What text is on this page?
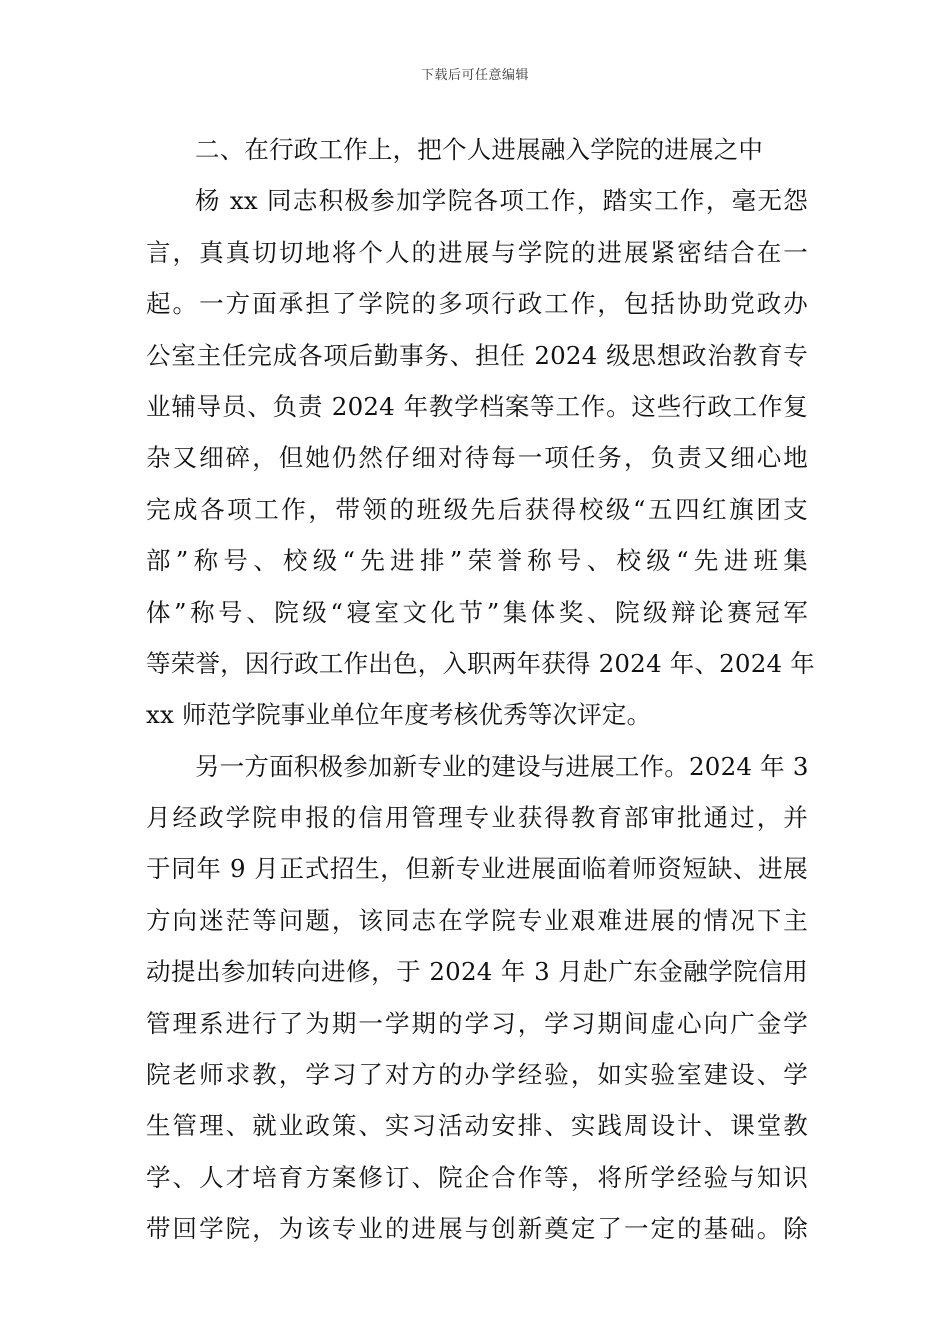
下载后可任意编辑
二、在行政工作上，把个人进展融入学院的进展之中
杨 xx 同志积极参加学院各项工作，踏实工作，毫无怨
言，真真切切地将个人的进展与学院的进展紧密结合在一
起。一方面承担了学院的多项行政工作，包括协助党政办
公室主任完成各项后勤事务、担任 2024 级思想政治教育专
业辅导员、负责 2024 年教学档案等工作。这些行政工作复
杂又细碎，但她仍然仔细对待每一项任务，负责又细心地
完成各项工作，带领的班级先后获得校级“五四红旗团支
部”称号、校级“先进排”荣誉称号、校级“先进班集
体”称号、院级“寝室文化节”集体奖、院级辩论赛冠军
等荣誉，因行政工作出色，入职两年获得 2024 年、2024 年
xx 师范学院事业单位年度考核优秀等次评定。
另一方面积极参加新专业的建设与进展工作。2024 年 3
月经政学院申报的信用管理专业获得教育部审批通过，并
于同年 9 月正式招生，但新专业进展面临着师资短缺、进展
方向迷茫等问题，该同志在学院专业艰难进展的情况下主
动提出参加转向进修，于 2024 年 3 月赴广东金融学院信用
管理系进行了为期一学期的学习，学习期间虚心向广金学
院老师求教，学习了对方的办学经验，如实验室建设、学
生管理、就业政策、实习活动安排、实践周设计、课堂教
学、人才培育方案修订、院企合作等，将所学经验与知识
带回学院，为该专业的进展与创新奠定了一定的基础。除
